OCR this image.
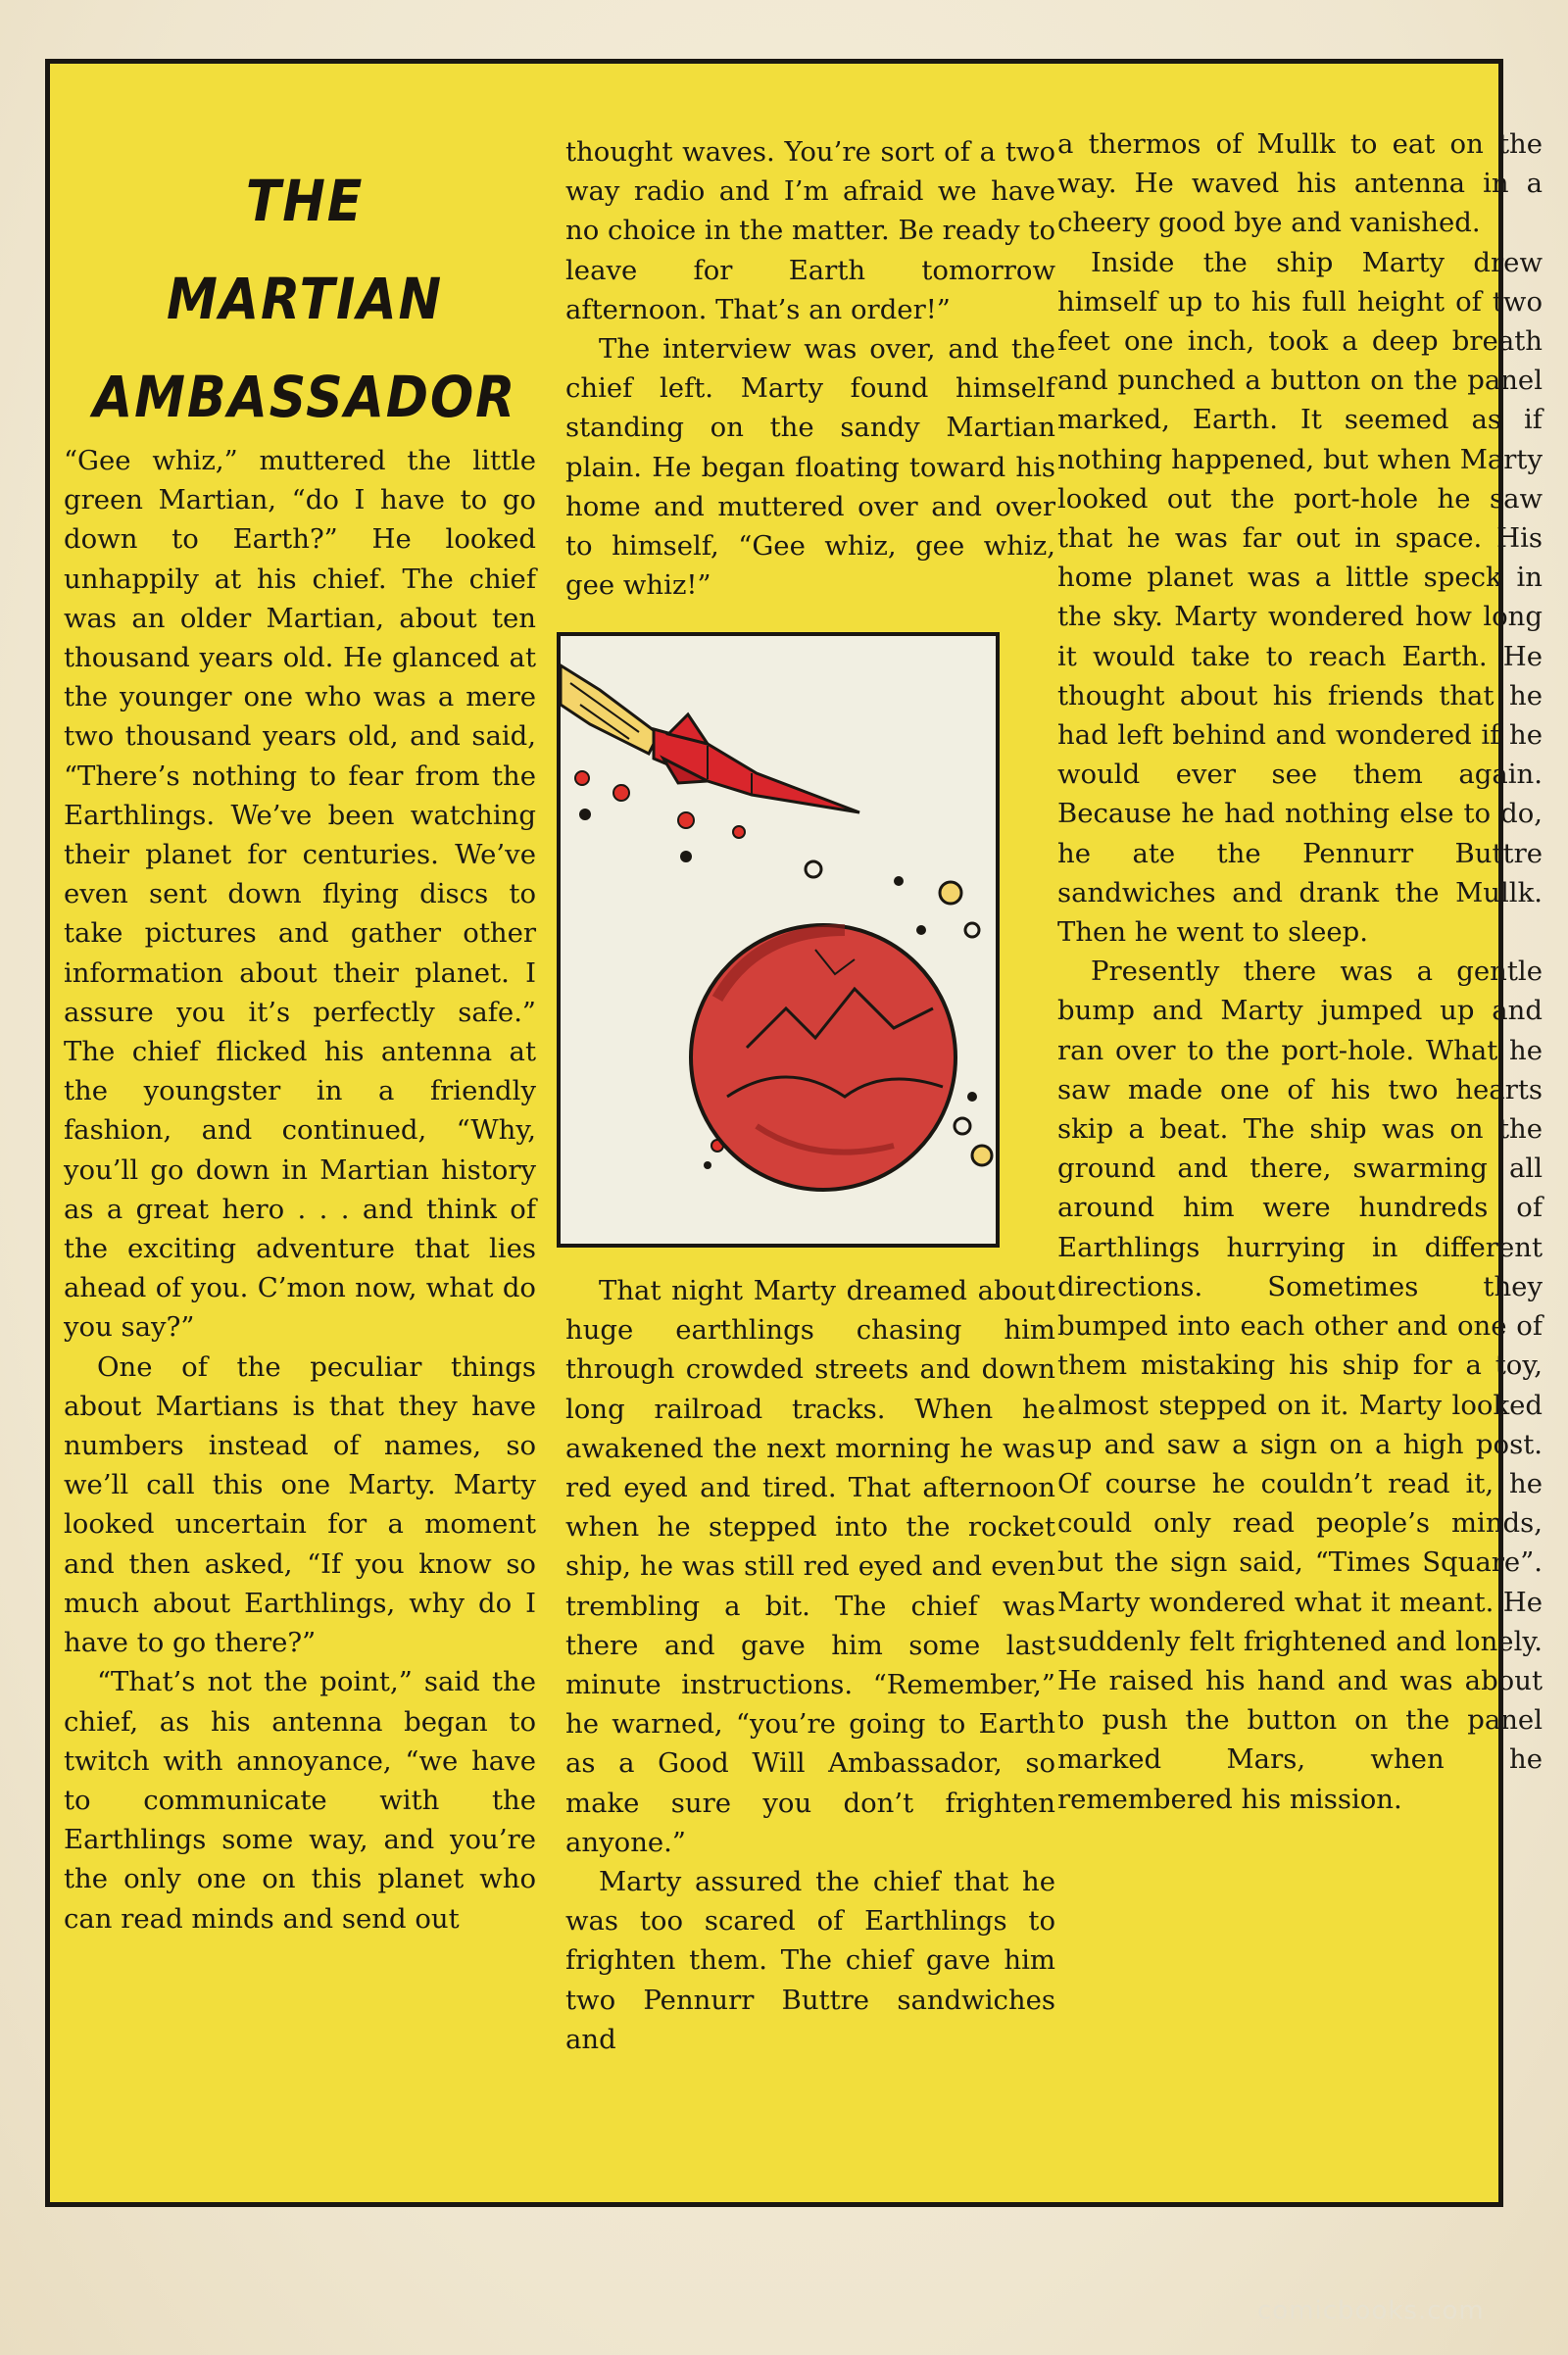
THE
MARTIAN
AMBASSADOR

“Gee whiz,” muttered the little green Martian, “do I have to go down to Earth?” He looked unhappily at his chief. The chief was an older Martian, about ten thousand years old. He glanced at the younger one who was a mere two thousand years old, and said, “There’s nothing to fear from the Earthlings. We’ve been watching their planet for centuries. We’ve even sent down flying discs to take pictures and gather other information about their planet. I assure you it’s perfectly safe.” The chief flicked his antenna at the youngster in a friendly fashion, and continued, “Why, you’ll go down in Martian history as a great hero . . . and think of the exciting adventure that lies ahead of you. C’mon now, what do you say?”

One of the peculiar things about Martians is that they have numbers instead of names, so we’ll call this one Marty. Marty looked uncertain for a moment and then asked, “If you know so much about Earthlings, why do I have to go there?”

“That’s not the point,” said the chief, as his antenna began to twitch with annoyance, “we have to communicate with the Earthlings some way, and you’re the only one on this planet who can read minds and send out

thought waves. You’re sort of a two way radio and I’m afraid we have no choice in the matter. Be ready to leave for Earth tomorrow afternoon. That’s an order!”

The interview was over, and the chief left. Marty found himself standing on the sandy Martian plain. He began floating toward his home and muttered over and over to himself, “Gee whiz, gee whiz, gee whiz!”

That night Marty dreamed about huge earthlings chasing him through crowded streets and down long railroad tracks. When he awakened the next morning he was red eyed and tired. That afternoon when he stepped into the rocket ship, he was still red eyed and even trembling a bit. The chief was there and gave him some last minute instructions. “Remember,” he warned, “you’re going to Earth as a Good Will Ambassador, so make sure you don’t frighten anyone.”

Marty assured the chief that he was too scared of Earthlings to frighten them. The chief gave him two Pennurr Buttre sandwiches and

a thermos of Mullk to eat on the way. He waved his antenna in a cheery good bye and vanished.

Inside the ship Marty drew himself up to his full height of two feet one inch, took a deep breath and punched a button on the panel marked, Earth. It seemed as if nothing happened, but when Marty looked out the port-hole he saw that he was far out in space. His home planet was a little speck in the sky. Marty wondered how long it would take to reach Earth. He thought about his friends that he had left behind and wondered if he would ever see them again. Because he had nothing else to do, he ate the Pennurr Buttre sandwiches and drank the Mullk. Then he went to sleep.

Presently there was a gentle bump and Marty jumped up and ran over to the port-hole. What he saw made one of his two hearts skip a beat. The ship was on the ground and there, swarming all around him were hundreds of Earthlings hurrying in different directions. Sometimes they bumped into each other and one of them mistaking his ship for a toy, almost stepped on it. Marty looked up and saw a sign on a high post. Of course he couldn’t read it, he could only read people’s minds, but the sign said, “Times Square”. Marty wondered what it meant. He suddenly felt frightened and lonely. He raised his hand and was about to push the button on the panel marked Mars, when he remembered his mission.

comicbooks.com
